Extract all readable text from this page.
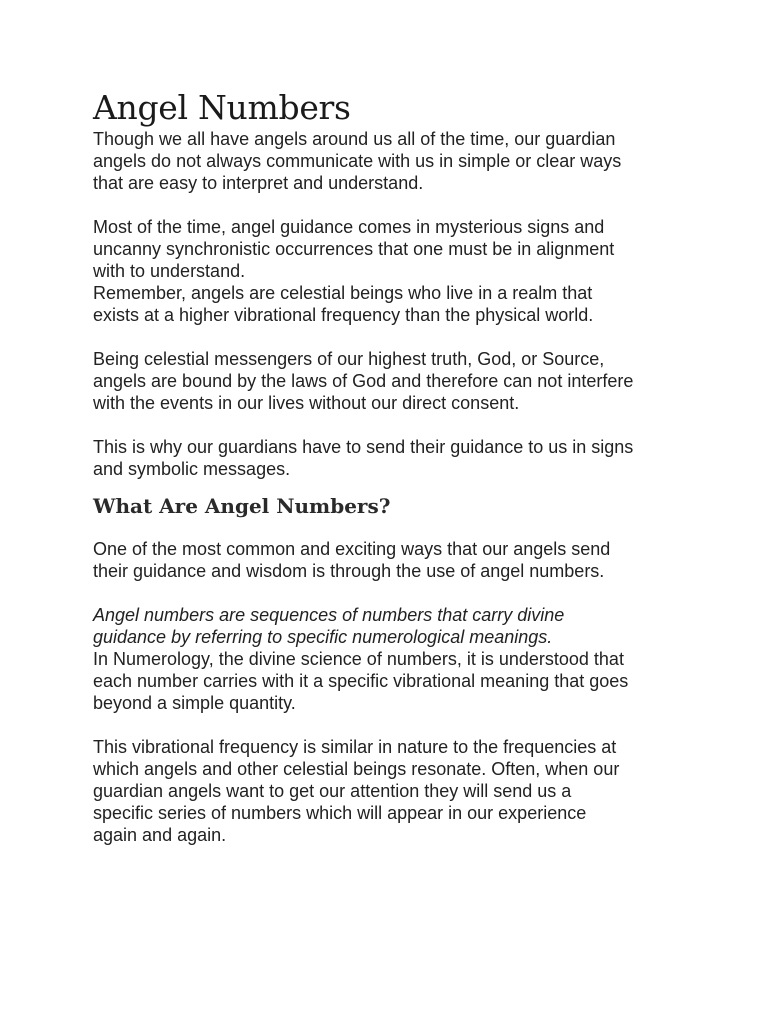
Angel Numbers

Though we all have angels around us all of the time, our guardian
angels do not always communicate with us in simple or clear ways
that are easy to interpret and understand.

Most of the time, angel guidance comes in mysterious signs and
uncanny synchronistic occurrences that one must be in alignment
with to understand.

Remember, angels are celestial beings who live in a realm that
exists at a higher vibrational frequency than the physical world.

Being celestial messengers of our highest truth, God, or Source,
angels are bound by the laws of God and therefore can not interfere
with the events in our lives without our direct consent.

This is why our guardians have to send their guidance to us in signs
and symbolic messages.

What Are Angel Numbers?

One of the most common and exciting ways that our angels send
their guidance and wisdom is through the use of angel numbers.

Angel numbers are sequences of numbers that carry divine
guidance by referring to specific numerological meanings.

In Numerology, the divine science of numbers, it is understood that
each number carries with it a specific vibrational meaning that goes
beyond a simple quantity.

This vibrational frequency is similar in nature to the frequencies at
which angels and other celestial beings resonate. Often, when our
guardian angels want to get our attention they will send us a
specific series of numbers which will appear in our experience
again and again.
